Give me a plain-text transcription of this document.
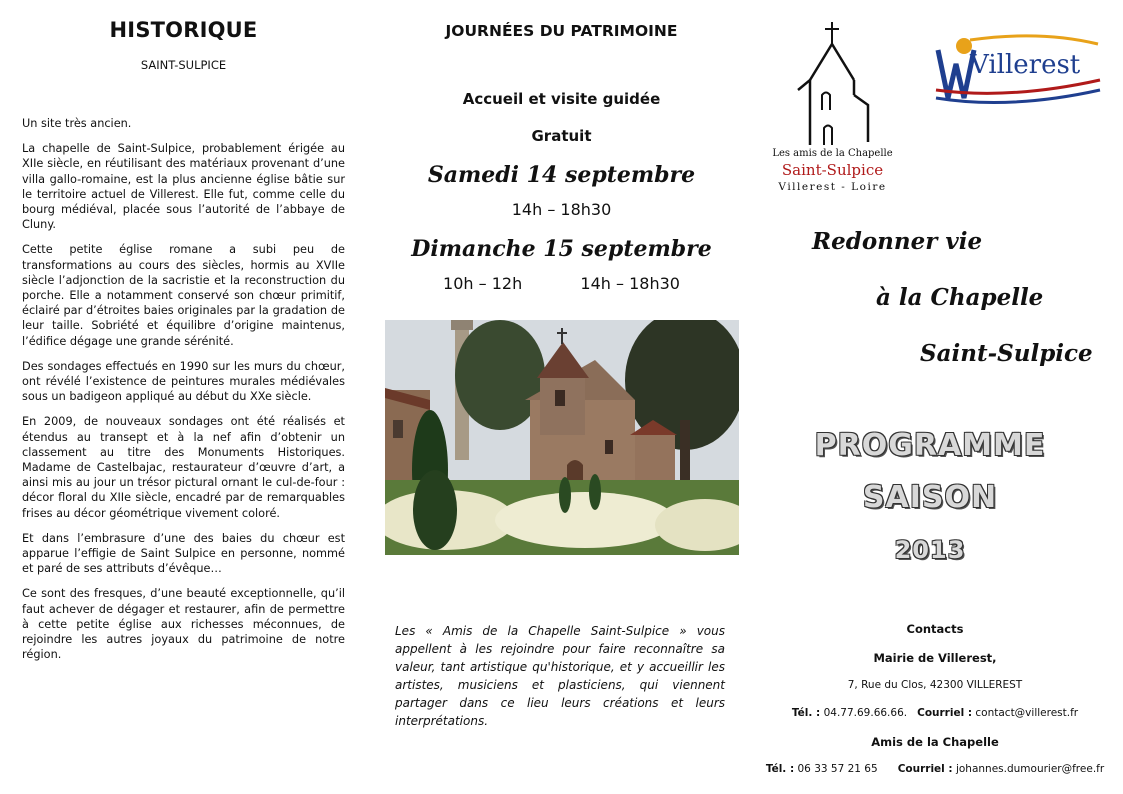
HISTORIQUE
SAINT-SULPICE

Un site très ancien.

La chapelle de Saint-Sulpice, probablement érigée au XIIe siècle, en réutilisant des matériaux provenant d’une villa gallo-romaine, est la plus ancienne église bâtie sur le territoire actuel de Villerest. Elle fut, comme celle du bourg médiéval, placée sous l’autorité de l’abbaye de Cluny.

Cette petite église romane a subi peu de transformations au cours des siècles, hormis au XVIIe siècle l’adjonction de la sacristie et la reconstruction du porche. Elle a notamment conservé son chœur primitif, éclairé par d’étroites baies originales par la gradation de leur taille. Sobriété et équilibre d’origine maintenus, l’édifice dégage une grande sérénité.

Des sondages effectués en 1990 sur les murs du chœur, ont révélé l’existence de peintures murales médiévales sous un badigeon appliqué au début du XXe siècle.

En 2009, de nouveaux sondages ont été réalisés et étendus au transept et à la nef afin d’obtenir un classement au titre des Monuments Historiques. Madame de Castelbajac, restaurateur d’œuvre d’art, a ainsi mis au jour un trésor pictural ornant le cul-de-four : décor floral du XIIe siècle, encadré par de remarquables frises au décor géométrique vivement coloré.

Et dans l’embrasure d’une des baies du chœur est apparue l’effigie de Saint Sulpice en personne, nommé et paré de ses attributs d’évêque…

Ce sont des fresques, d’une beauté exceptionnelle, qu’il faut achever de dégager et restaurer, afin de permettre à cette petite église aux richesses méconnues, de rejoindre les autres joyaux du patrimoine de notre région.

JOURNÉES DU PATRIMOINE
Accueil et visite guidée
Gratuit
Samedi 14 septembre
14h – 18h30
Dimanche 15 septembre
10h – 12h	14h – 18h30
Les « Amis de la Chapelle Saint-Sulpice » vous appellent à les rejoindre pour faire reconnaître sa valeur, tant artistique qu'historique, et y accueillir les artistes, musiciens et plasticiens, qui viennent partager dans ce lieu leurs créations et leurs interprétations.
Les amis de la Chapelle
Saint-Sulpice
Villerest - Loire
Villerest
Redonner vie
à la Chapelle
Saint-Sulpice
PROGRAMME
SAISON
2013
Contacts
Mairie de Villerest,
7, Rue du Clos, 42300 VILLEREST
Tél. : 04.77.69.66.66. Courriel : contact@villerest.fr
Amis de la Chapelle
Tél. : 06 33 57 21 65 Courriel : johannes.dumourier@free.fr
